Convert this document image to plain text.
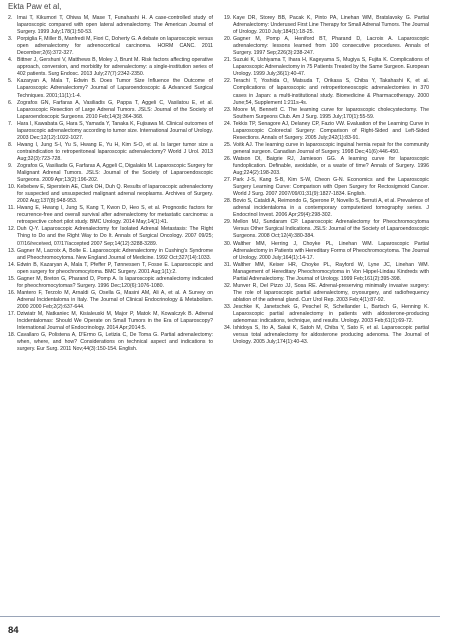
Ekta Paw et al,
2. Imai T, Kikumori T, Ohiwa M, Mase T, Funahashi H. A case-controlled study of laparoscopic compared with open lateral adrenalectomy. The American Journal of Surgery. 1999 July;178(1):50-53.
3. Porpiglia F, Miller B, Manfredi M, Fiori C, Doherty G. A debate on laparoscopic versus open adrenalectomy for adrenocortical carcinoma. HORM CANC. 2011 December;2(6):372-327.
4. Bittner J, Gershuni V, Matthews B, Moley J, Brunt M. Risk factors affecting operative approach, conversion, and morbidity for adrenalectomy: a single-institution series of 402 patients. Surg Endosc. 2013 July;27(7):2342-2350.
5. Kazaryan A, Mala T, Edwin B. Does Tumor Size Influence the Outcome of Laparoscopic Adrenalectomy? Journal of Laparoendoscopic & Advanced Surgical Techniques. 2001;11(1):1-4.
6. Zografos GN, Farfaras A, Vasiliadis G, Pappa T, Aggeli C, Vasilatou E, et al. Laparoscopic Resection of Large Adrenal Tumors. JSLS: Journal of the Society of Laparoendoscopic Surgeons. 2010 Feb;14(3):364-368.
7. Hara I, Kawabata G, Hara S, Yamada Y, Tanaka K, Fujisawa M. Clinical outcomes of laparoscopic adrenalectomy according to tumor size. International Journal of Urology. 2003 Dec;12(12):1022-1027.
8. Hwang I, Jung S-I, Yu S, Hwang E, Yu H, Kim S-O, et al. Is larger tumor size a contraindication to retroperitoneal laparoscopic adrenalectomy? World J Urol. 2013 Aug;32(3):723-728.
9. Zografos G, Vasiliadis G, Farfaras A, Aggeli C, Digalakis M. Laparoscopic Surgery for Malignant Adrenal Tumors. JSLS: Journal of the Society of Laparoendoscopic Surgeons. 2009 Apr;13(2):196-202.
10. Kebebew E, Siperstein AE, Clark OH, Duh Q. Results of laparoscopic adrenalectomy for suspected and unsuspected malignant adrenal neoplasms. Archives of Surgery. 2002 Aug;137(8):948-953.
11. Hwang E, Hwang I, Jung S, Kang T, Kwon D, Heo S, et al. Prognostic factors for recurrence-free and overall survival after adrenalectomy for metastatic carcinoma: a retrospective cohort pilot study. BMC Urology. 2014 May;14(1):41.
12. Duh Q-Y. Laparoscopic Adrenalectomy for Isolated Adrenal Metastasis: The Right Thing to Do and the Right Way to Do It. Annals of Surgical Oncology. 2007 09/25; 07/16/received, 07/17/accepted 2007 Sep;14(12):3288-3289.
13. Gagner M, Lacroix A, Bolte E. Laparoscopic Adrenalectomy in Cushing's Syndrome and Pheochromocytoma. New England Journal of Medicine. 1992 Oct;327(14):1033.
14. Edwin B, Kazaryan A, Mala T, Pfeffer P, Tønnessen T, Fosse E. Laparoscopic and open surgery for pheochromocytoma. BMC Surgery. 2001 Aug;1(1):2.
15. Gagner M, Breton G, Pharand D, Pomp A. Is laparoscopic adrenalectomy indicated for pheochromocytomas? Surgery. 1996 Dec;120(6):1076-1080.
16. Mantero F, Terzolo M, Arnaldi G, Osella G, Masini AM, Ali A, et al. A Survey on Adrenal Incidentaloma in Italy. The Journal of Clinical Endocrinology & Metabolism. 2000 2000 Feb;2(2):637-644.
17. Dziwiatr M, Natkaniec M, Kisialeuski M, Major P, Matok M, Kowalczyk B. Adrenal Incidentalomas: Should We Operate on Small Tumors in the Era of Laparoscopy? International Journal of Endocrinology. 2014 Apr;2014:5.
18. Cavallaro G, Polistena A, D'Ermo G, Letizia C, De Toma G. Partial adrenalectomy: when, where, and how? Considerations on technical aspect and indications to surgery. Eur Surg. 2011 Nov;44(3):150-154. English.
19. Kaye DR, Storey BB, Pacak K, Pinto PA, Linehan WM, Bratslavsky G. Partial Adrenalectomy: Underused First Line Therapy for Small Adrenal Tumors. The Journal of Urology. 2010 July;184(1):18-25.
20. Gagner M, Pomp A, Heniford BT, Pharand D, Lacroix A. Laparoscopic adrenalectomy: lessons learned from 100 consecutive procedures. Annals of Surgery. 1997 Sep;226(3):238-247.
21. Suzuki K, Ushiyama T, Ihara H, Kageyama S, Mugiya S, Fujita K. Complications of Laparoscopic Adrenalectomy in 75 Patients Treated by the Same Surgeon. European Urology. 1999 July;36(1):40-47.
22. Terachi T, Yoshida O, Matsuda T, Orikasa S, Chiba Y, Takahashi K, et al. Complications of laparoscopic and retroperitoneoscopic adrenalectomies in 370 cases in Japan: a multi-institutional study. Biomedicine & Pharmacotherapy. 2000 June;54, Supplement 1:211s-4s.
23. Moore M, Bennett C. The learning curve for laparoscopic cholecystectomy. The Southern Surgeons Club. Am J Surg. 1995 July;170(1):55-59.
24. Tekkis TP, Senagore AJ, Delaney CP, Fazio VW. Evaluation of the Learning Curve in Laparoscopic Colorectal Surgery: Comparison of Right-Sided and Left-Sided Resections. Annals of Surgery. 2005 July;242(1):83-91.
25. Voitk AJ. The learning curve in laparoscopic inguinal hernia repair for the community general surgeon. Canadian Journal of Surgery. 1998 Dec;41(6):446-450.
26. Watson DI, Baigrie RJ, Jamieson GG. A learning curve for laparoscopic fundoplication. Definable, avoidable, or a waste of time? Annals of Surgery. 1996 Aug;224(2):198-203.
27. Park J-S, Kang S-B, Kim S-W, Cheon G-N. Economics and the Laparoscopic Surgery Learning Curve: Comparison with Open Surgery for Rectosigmoid Cancer. World J Surg. 2007 2007/09/01;31(9):1827-1834. English.
28. Bovio S, Cataldi A, Reimondo G, Sperone P, Novello S, Berruti A, et al. Prevalence of adrenal incidentaloma in a contemporary computerized tomography series. J Endocrinol Invest. 2006 Apr;29(4):298-302.
29. Mellon MJ, Sundaram CP. Laparoscopic Adrenalectomy for Pheochromocytoma Versus Other Surgical Indications. JSLS: Journal of the Society of Laparoendoscopic Surgeons. 2008 Oct;12(4):380-384.
30. Walther MM, Herring J, Choyke PL, Linehan WM. Laparoscopic Partial Adrenalectomy in Patients with Hereditary Forms of Pheochromocytoma. The Journal of Urology. 2000 July;164(1):14-17.
31. Walther MM, Keiser HR, Choyke PL, Rayford W, Lyne JC, Linehan WM. Management of Hereditary Pheochromocytoma in Von Hippel-Lindau Kindreds with Partial Adrenalectomy. The Journal of Urology. 1999 Feb;161(2):395-398.
32. Munver R, Del Pizzo JJ, Sosa RE. Adrenal-preserving minimally invasive surgery: The role of laparoscopic partial adrenalectomy, cryosurgery, and radiofrequency ablation of the adrenal gland. Curr Urol Rep. 2003 Feb;4(1):87-92.
33. Jeschke K, Janetschek G, Peschel R, Schellander L, Bartsch G, Henning K. Laparoscopic partial adrenalectomy in patients with aldosterone-producing adenomas: indications, technique, and results. Urology. 2003 Feb;61(1):69-72.
34. Ishidoya S, Ito A, Sakai K, Satoh M, Chiba Y, Sato F, et al. Laparoscopic partial versus total adrenalectomy for aldosterone producing adenoma. The Journal of Urology. 2005 July;174(1):40-43.
84
